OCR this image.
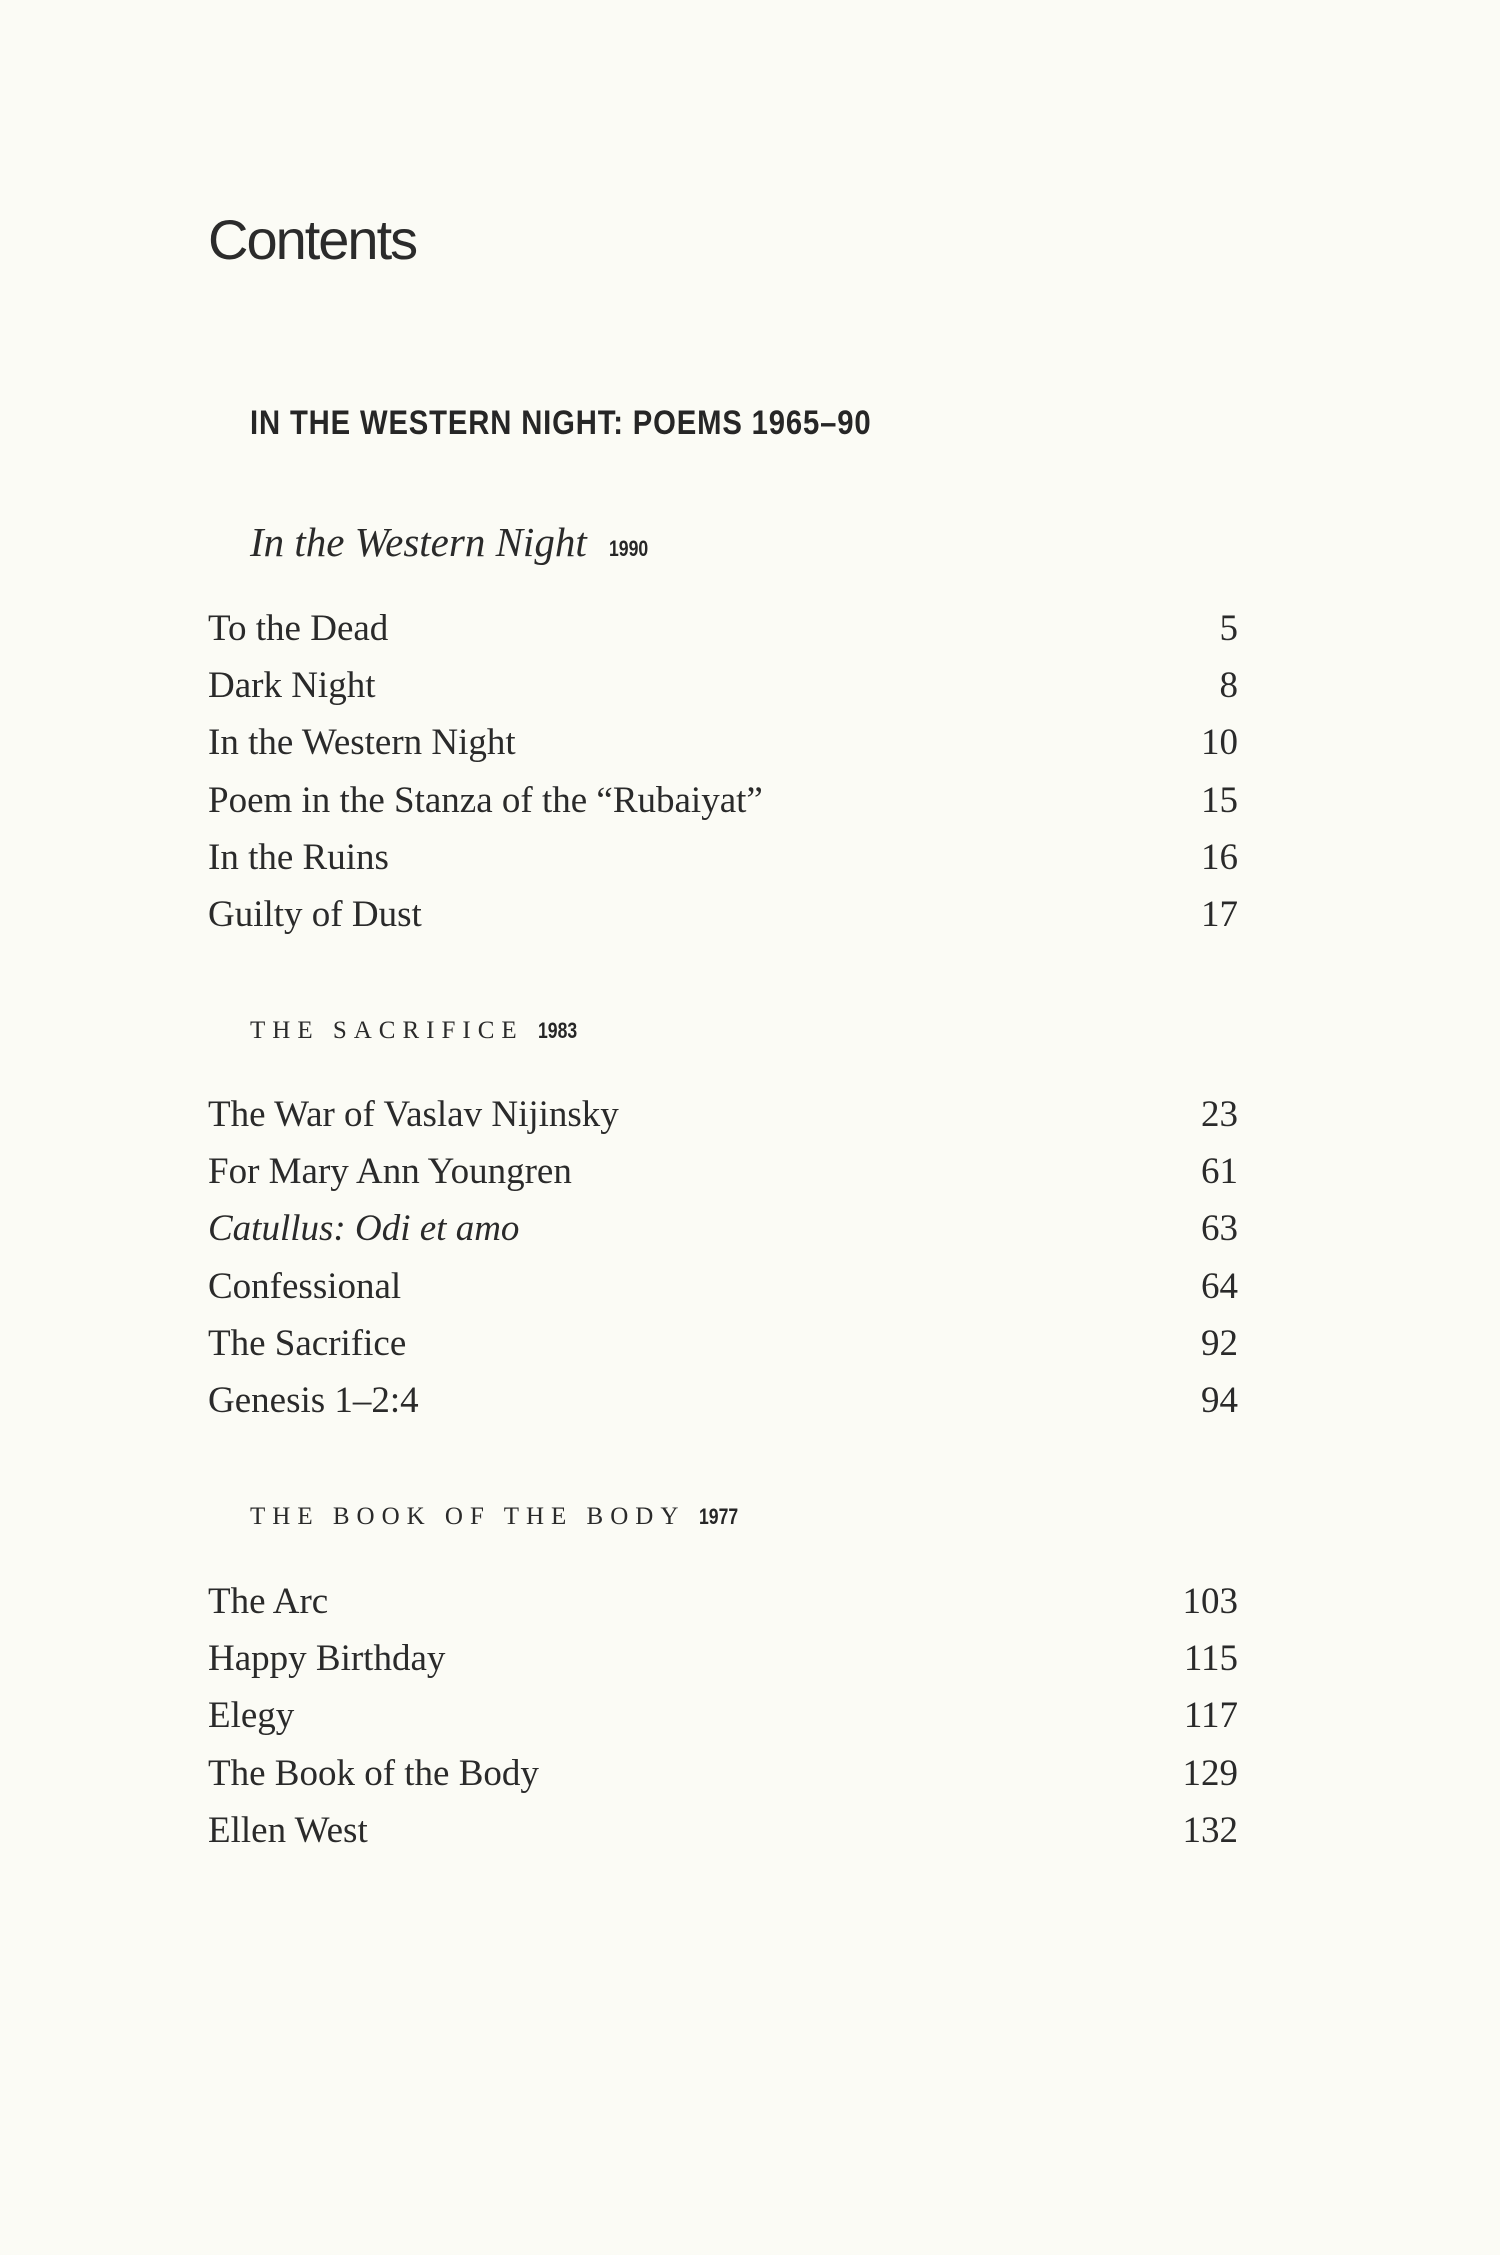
Contents
IN THE WESTERN NIGHT: POEMS 1965–90
In the Western Night 1990
To the Dead	5
Dark Night	8
In the Western Night	10
Poem in the Stanza of the “Rubaiyat”	15
In the Ruins	16
Guilty of Dust	17
THE SACRIFICE 1983
The War of Vaslav Nijinsky	23
For Mary Ann Youngren	61
Catullus: Odi et amo	63
Confessional	64
The Sacrifice	92
Genesis 1–2:4	94
THE BOOK OF THE BODY 1977
The Arc	103
Happy Birthday	115
Elegy	117
The Book of the Body	129
Ellen West	132
